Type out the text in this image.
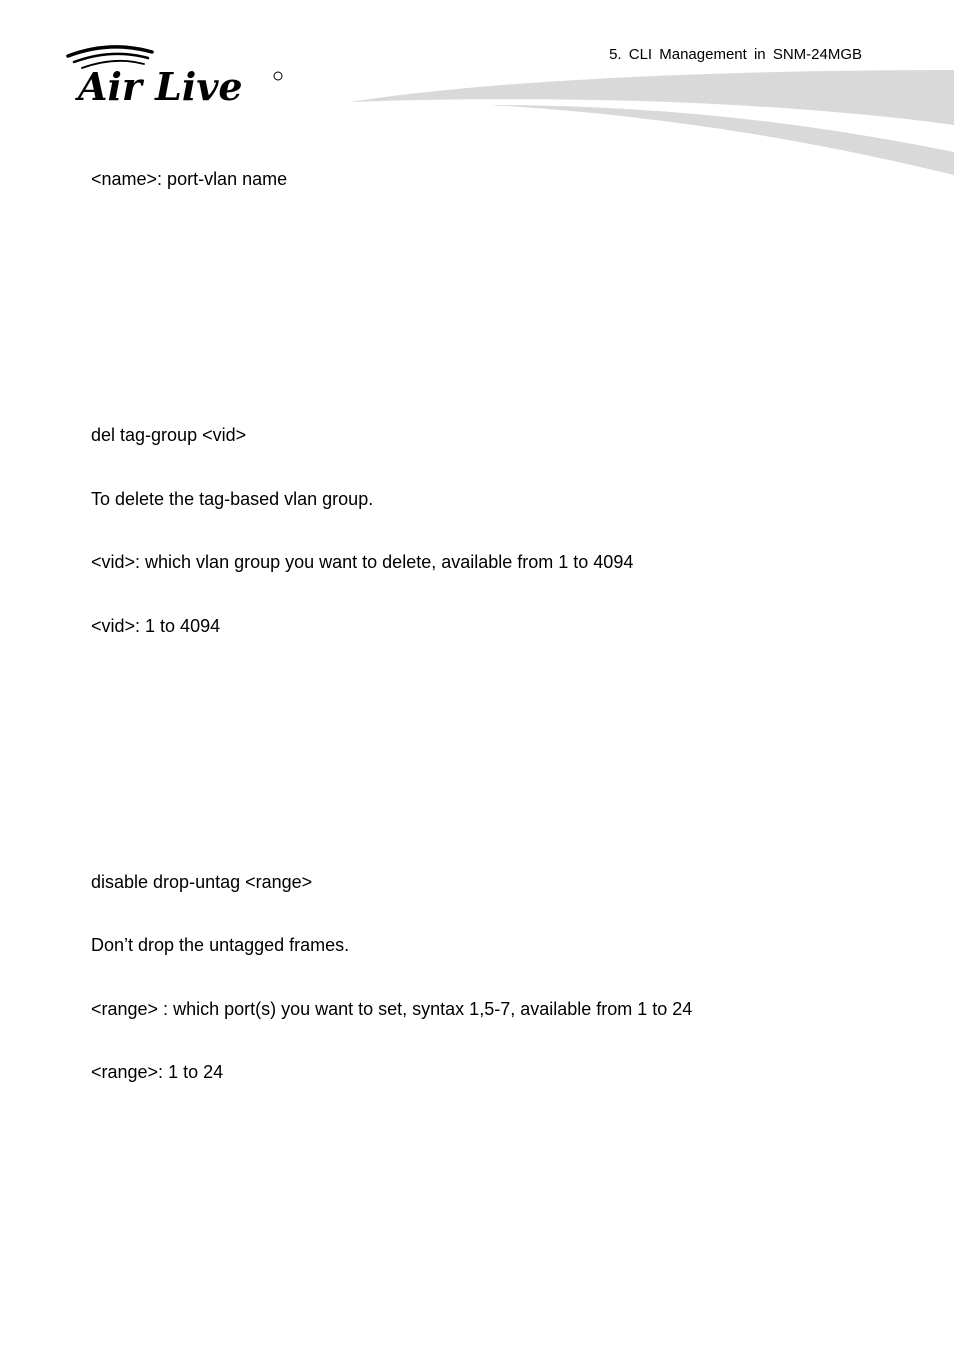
Air Live
5. CLI Management in SNM-24MGB
<name>: port-vlan name
del tag-group <vid>
To delete the tag-based vlan group.
<vid>: which vlan group you want to delete, available from 1 to 4094
<vid>: 1 to 4094
disable drop-untag <range>
Don’t drop the untagged frames.
<range> : which port(s) you want to set, syntax 1,5-7, available from 1 to 24
<range>: 1 to 24
